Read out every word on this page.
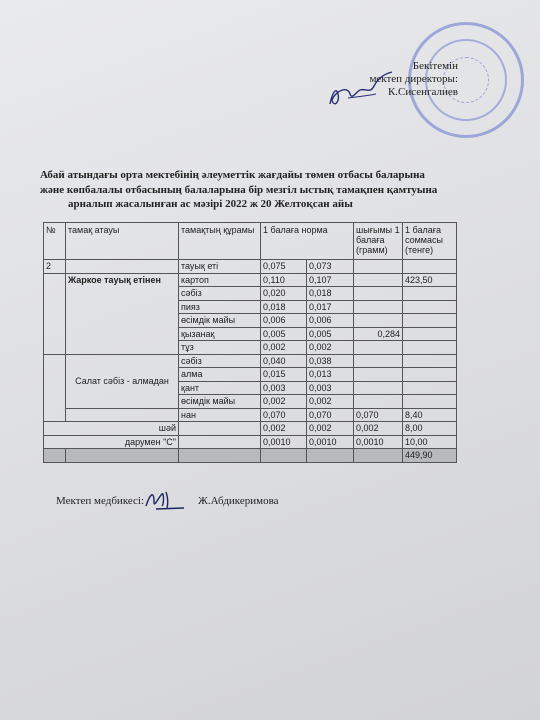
Бекітемін
мектеп директоры:
К.Сисенгалиев
Абай атындағы орта мектебінің әлеуметтік жағдайы төмен отбасы баларына
және көпбалалы отбасының балаларына бір мезгіл ыстық тамақпен қамтуына
арналып жасалынған ас мәзірі 2022 ж 20 Желтоқсан айы
№	тамақ атауы	тамақтың құрамы	1 балаға норма		шығымы 1 балаға (грамм)	1 балаға соммасы (тенге)
2		тауық еті	0,075	0,073		
	Жаркое тауық етінен	картоп	0,110	0,107		423,50
		сәбіз	0,020	0,018		
		пияз	0,018	0,017		
		өсімдік майы	0,006	0,006		
		қызанақ	0,005	0,005	0,284	
		тұз	0,002	0,002		
	Салат сәбіз - алмадан	сәбіз	0,040	0,038		
		алма	0,015	0,013		
		қант	0,003	0,003		
		өсімдік майы	0,002	0,002		
		нан	0,070	0,070	0,070	8,40
шәй			0,002	0,002	0,002	8,00
дарумен "С"			0,0010	0,0010	0,0010	10,00
						449,90
Мектеп медбикесі:	Ж.Абдикеримова
